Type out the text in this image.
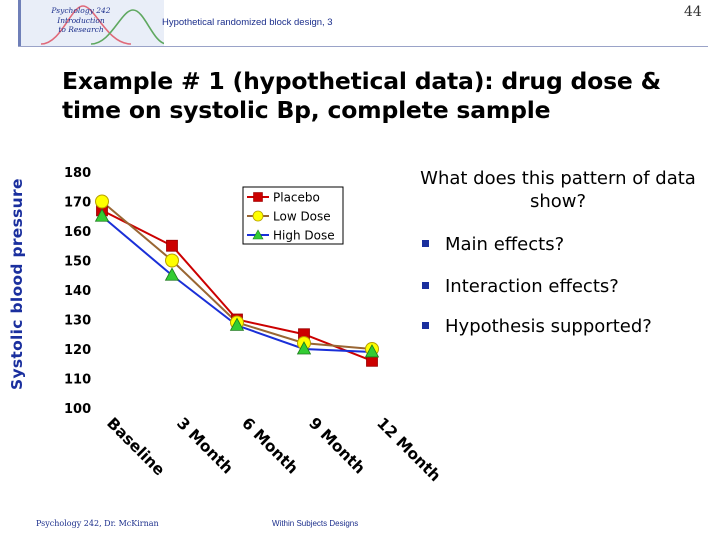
Psychology 242
Introduction
to Research
Hypothetical randomized block design, 3
44
Example # 1 (hypothetical data): drug dose & time on systolic Bp, complete sample
Systolic blood pressure
180
170
160
150
140
130
120
110
100
Baseline 3 Month 6 Month 9 Month 12 Month
Placebo
Low Dose
High Dose
What does this pattern of data show?
Main effects?
Interaction effects?
Hypothesis supported?
Psychology 242, Dr. McKirnan	Within Subjects Designs
